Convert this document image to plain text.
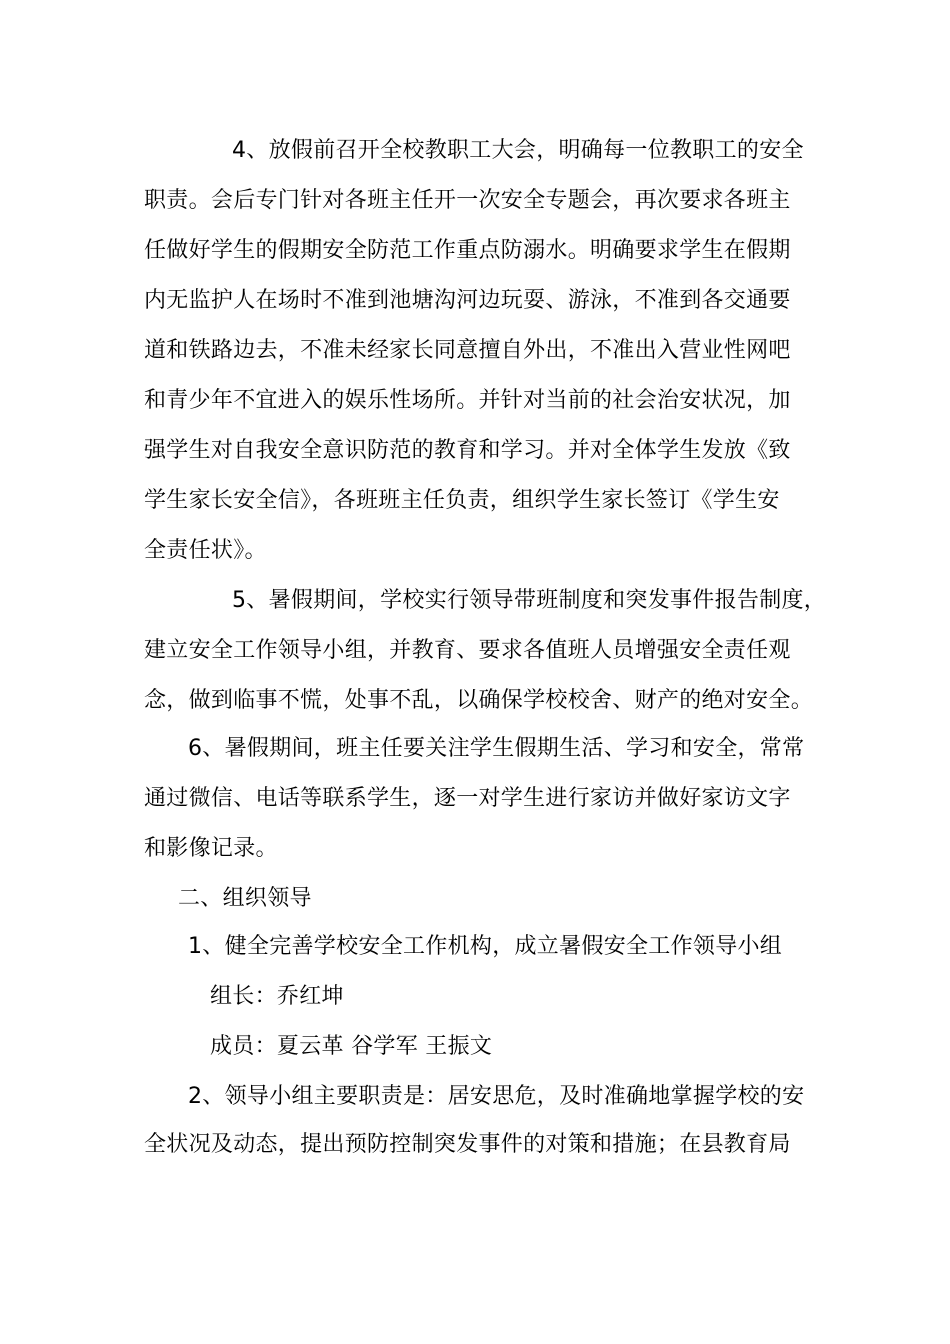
4、放假前召开全校教职工大会，明确每一位教职工的安全
职责。会后专门针对各班主任开一次安全专题会，再次要求各班主
任做好学生的假期安全防范工作重点防溺水。明确要求学生在假期
内无监护人在场时不准到池塘沟河边玩耍、游泳，不准到各交通要
道和铁路边去，不准未经家长同意擅自外出，不准出入营业性网吧
和青少年不宜进入的娱乐性场所。并针对当前的社会治安状况，加
强学生对自我安全意识防范的教育和学习。并对全体学生发放《致
学生家长安全信》，各班班主任负责，组织学生家长签订《学生安
全责任状》。
5、暑假期间，学校实行领导带班制度和突发事件报告制度，
建立安全工作领导小组，并教育、要求各值班人员增强安全责任观
念，做到临事不慌，处事不乱，以确保学校校舍、财产的绝对安全。
6、暑假期间，班主任要关注学生假期生活、学习和安全，常常
通过微信、电话等联系学生，逐一对学生进行家访并做好家访文字
和影像记录。
二、组织领导
1、健全完善学校安全工作机构，成立暑假安全工作领导小组
组长：乔红坤
成员：夏云革 谷学军 王振文
2、领导小组主要职责是：居安思危，及时准确地掌握学校的安
全状况及动态，提出预防控制突发事件的对策和措施；在县教育局
